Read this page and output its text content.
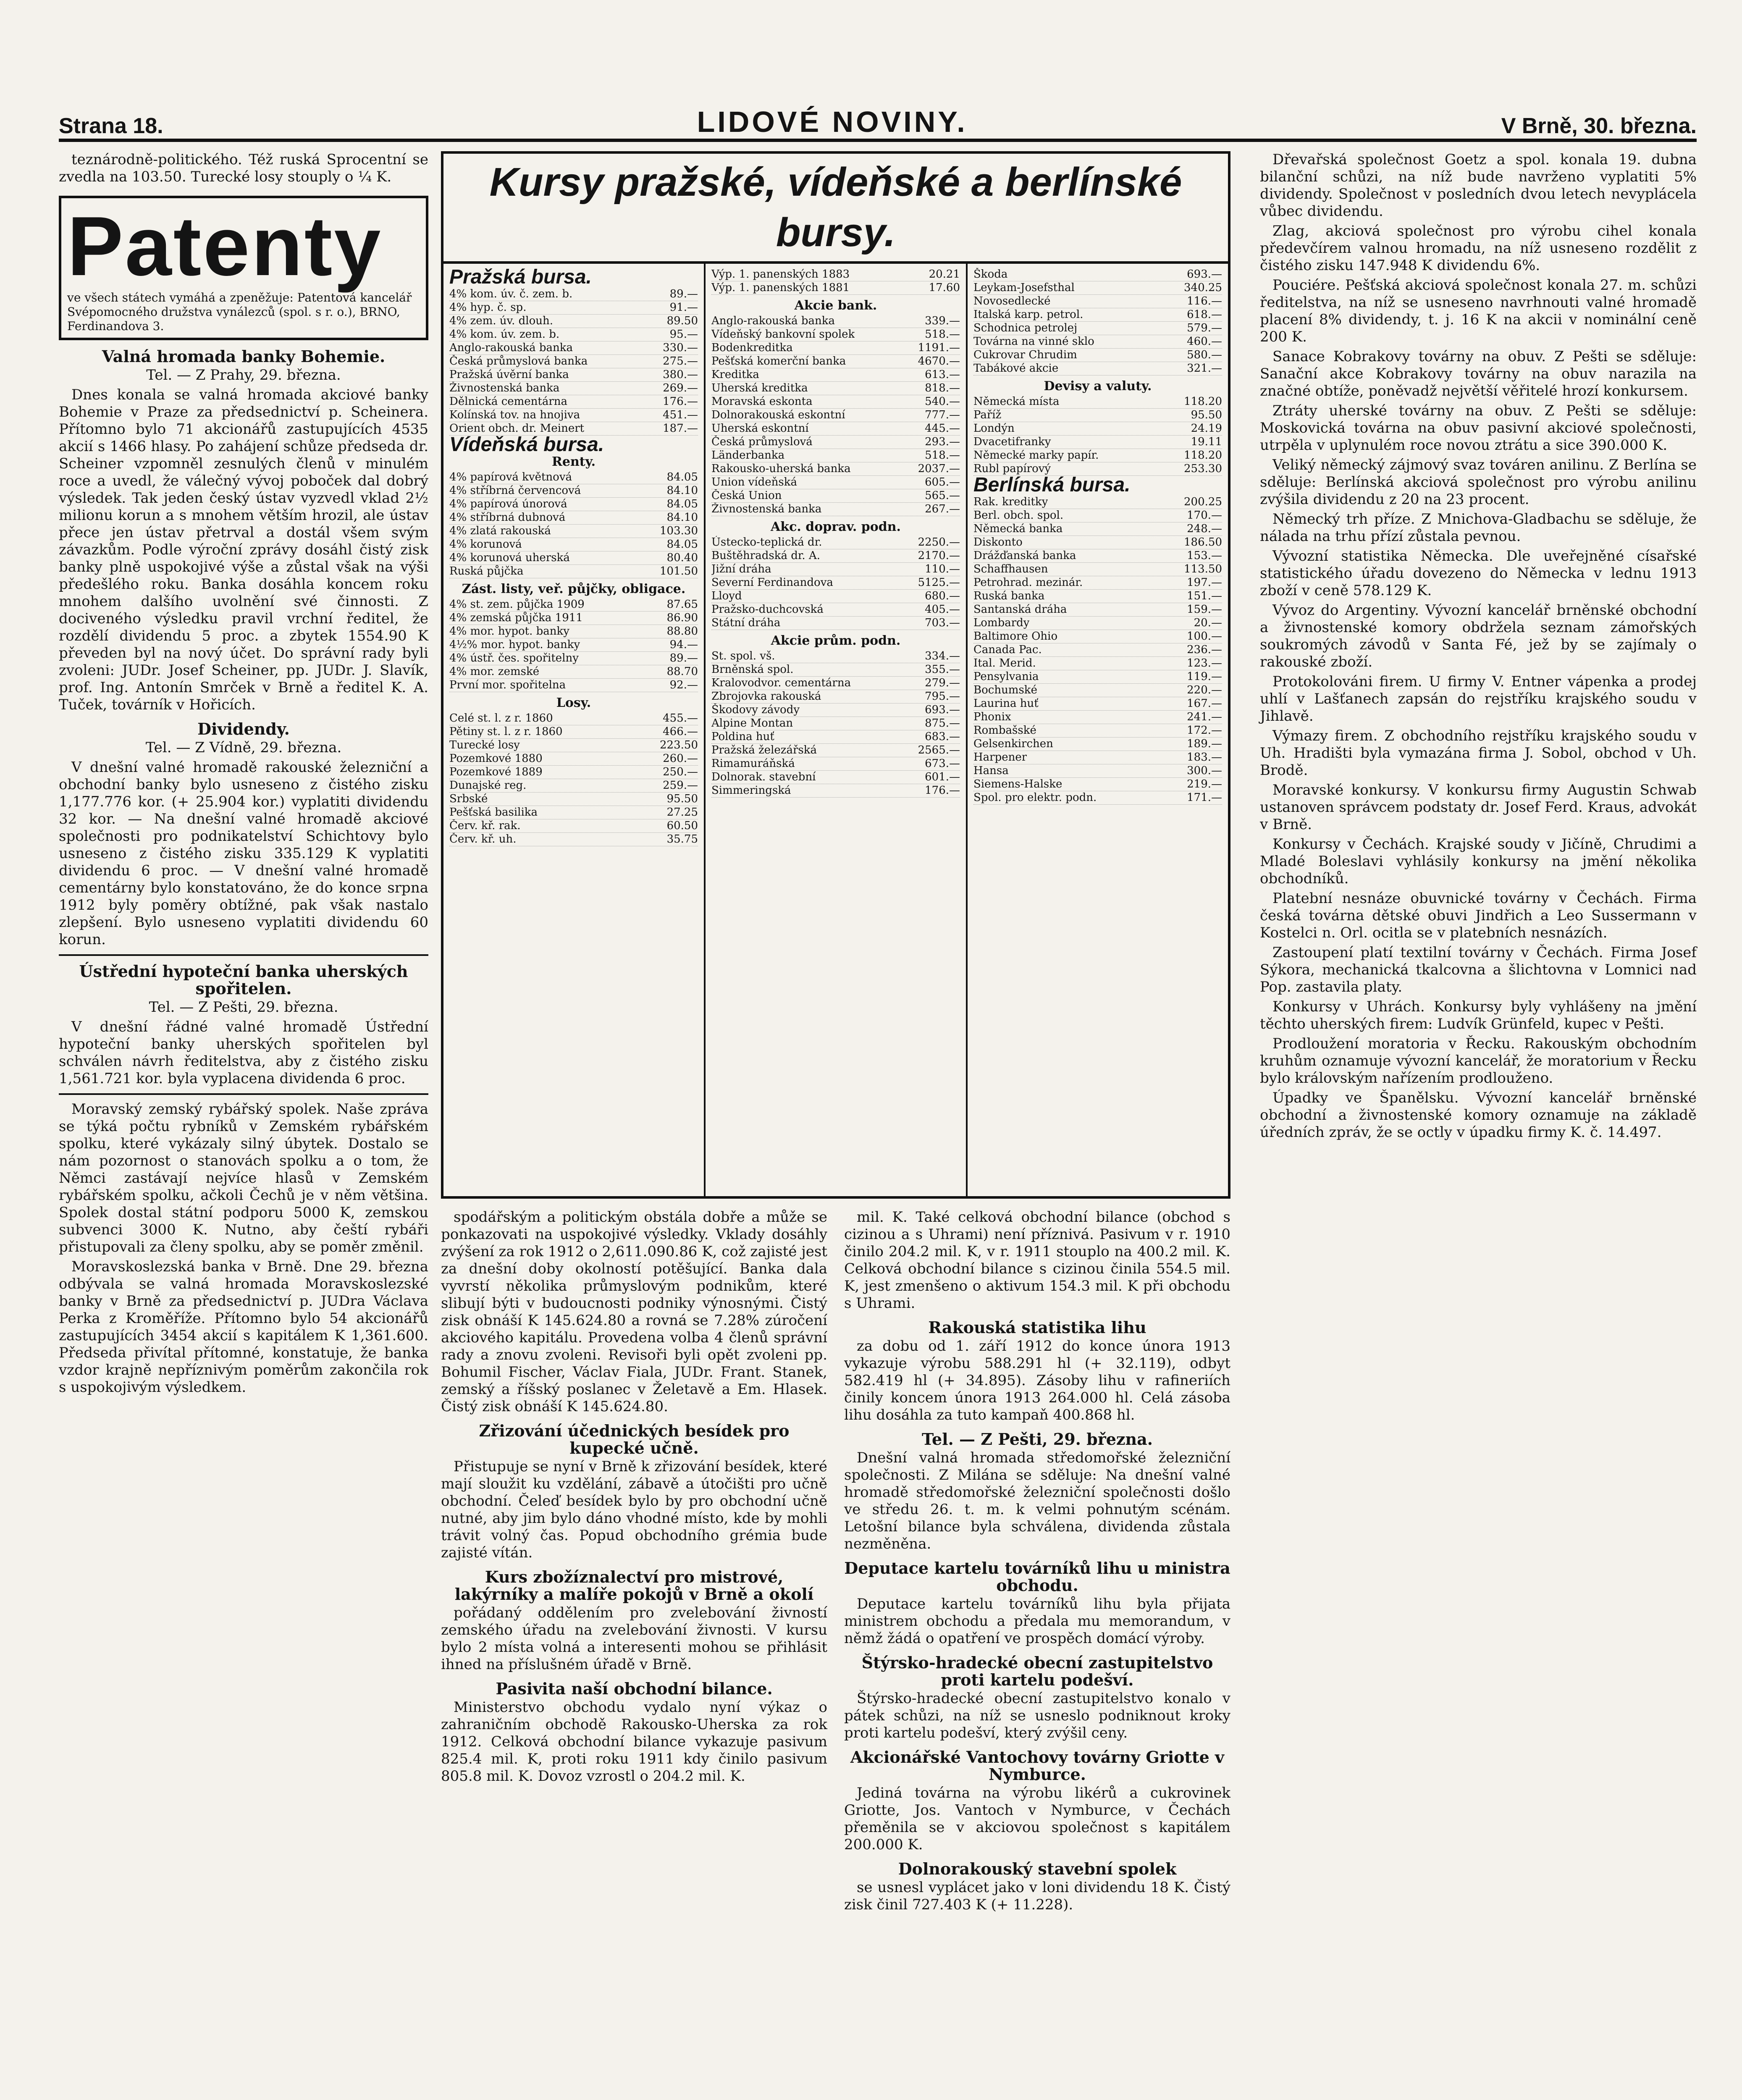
Strana 18.	LIDOVÉ NOVINY.	V Brně, 30. března.

teznárodně-politického. Též ruská Sprocentní se zvedla na 103.50. Turecké losy stouply o ¼ K.

Patenty
ve všech státech vymáhá a zpeněžuje: Patentová kancelář Svépomocného družstva vynálezců (spol. s r. o.), BRNO, Ferdinandova 3.
Valná hromada banky Bohemie.
Tel. — Z Prahy, 29. března.

Dnes konala se valná hromada akciové banky Bohemie v Praze za předsednictví p. Scheinera. Přítomno bylo 71 akcionářů zastupujících 4535 akcií s 1466 hlasy. Po zahájení schůze předseda dr. Scheiner vzpomněl zesnulých členů v minulém roce a uvedl, že válečný vývoj poboček dal dobrý výsledek. Tak jeden český ústav vyzvedl vklad 2½ milionu korun a s mnohem větším hrozil, ale ústav přece jen ústav přetrval a dostál všem svým závazkům. Podle výroční zprávy dosáhl čistý zisk banky plně uspokojivé výše a zůstal však na výši předešlého roku. Banka dosáhla koncem roku mnohem dalšího uvolnění své činnosti. Z dociveného výsledku pravil vrchní ředitel, že rozdělí dividendu 5 proc. a zbytek 1554.90 K převeden byl na nový účet. Do správní rady byli zvoleni: JUDr. Josef Scheiner, pp. JUDr. J. Slavík, prof. Ing. Antonín Smrček v Brně a ředitel K. A. Tuček, továrník v Hořicích.

Dividendy.
Tel. — Z Vídně, 29. března.

V dnešní valné hromadě rakouské železniční a obchodní banky bylo usneseno z čistého zisku 1,177.776 kor. (+ 25.904 kor.) vyplatiti dividendu 32 kor. — Na dnešní valné hromadě akciové společnosti pro podnikatelství Schichtovy bylo usneseno z čistého zisku 335.129 K vyplatiti dividendu 6 proc. — V dnešní valné hromadě cementárny bylo konstatováno, že do konce srpna 1912 byly poměry obtížné, pak však nastalo zlepšení. Bylo usneseno vyplatiti dividendu 60 korun.

Ústřední hypoteční banka uherských spořitelen.
Tel. — Z Pešti, 29. března.

V dnešní řádné valné hromadě Ústřední hypoteční banky uherských spořitelen byl schválen návrh ředitelstva, aby z čistého zisku 1,561.721 kor. byla vyplacena dividenda 6 proc.

Moravský zemský rybářský spolek. Naše zpráva se týká počtu rybníků v Zemském rybářském spolku, které vykázaly silný úbytek. Dostalo se nám pozornost o stanovách spolku a o tom, že Němci zastávají nejvíce hlasů v Zemském rybářském spolku, ačkoli Čechů je v něm většina. Spolek dostal státní podporu 5000 K, zemskou subvenci 3000 K. Nutno, aby čeští rybáři přistupovali za členy spolku, aby se poměr změnil.

Moravskoslezská banka v Brně. Dne 29. března odbývala se valná hromada Moravskoslezské banky v Brně za předsednictví p. JUDra Václava Perka z Kroměříže. Přítomno bylo 54 akcionářů zastupujících 3454 akcií s kapitálem K 1,361.600. Předseda přivítal přítomné, konstatuje, že banka vzdor krajně nepříznivým poměrům zakončila rok s uspokojivým výsledkem.

Kursy pražské, vídeňské a berlínské bursy.
Pražská bursa.
4% kom. úv. č. zem. b.	89.—
4% hyp. č. sp.	91.—
4% zem. úv. dlouh.	89.50
4% kom. úv. zem. b.	95.—
Anglo-rakouská banka	330.—
Česká průmyslová banka	275.—
Pražská úvěrní banka	380.—
Živnostenská banka	269.—
Dělnická cementárna	176.—
Kolínská tov. na hnojiva	451.—
Orient obch. dr. Meinert	187.—
Vídeňská bursa.
Renty.
4% papírová květnová	84.05
4% stříbrná červencová	84.10
4% papírová únorová	84.05
4% stříbrná dubnová	84.10
4% zlatá rakouská	103.30
4% korunová	84.05
4% korunová uherská	80.40
Ruská půjčka	101.50
Zást. listy, veř. půjčky, obligace.
4% st. zem. půjčka 1909	87.65
4% zemská půjčka 1911	86.90
4% mor. hypot. banky	88.80
4½% mor. hypot. banky	94.—
4% ústř. čes. spořitelny	89.—
4% mor. zemské	88.70
První mor. spořitelna	92.—
Losy.
Celé st. l. z r. 1860	455.—
Pětiny st. l. z r. 1860	466.—
Turecké losy	223.50
Pozemkové 1880	260.—
Pozemkové 1889	250.—
Dunajské reg.	259.—
Srbské	95.50
Pešťská basilika	27.25
Červ. kř. rak.	60.50
Červ. kř. uh.	35.75
Výp. 1. panenských 1883	20.21
Výp. 1. panenských 1881	17.60
Akcie bank.
Anglo-rakouská banka	339.—
Vídeňský bankovní spolek	518.—
Bodenkreditka	1191.—
Pešťská komerční banka	4670.—
Kreditka	613.—
Uherská kreditka	818.—
Moravská eskonta	540.—
Dolnorakouská eskontní	777.—
Uherská eskontní	445.—
Česká průmyslová	293.—
Länderbanka	518.—
Rakousko-uherská banka	2037.—
Union vídeňská	605.—
Česká Union	565.—
Živnostenská banka	267.—
Akc. doprav. podn.
Ústecko-teplická dr.	2250.—
Buštěhradská dr. A.	2170.—
Jižní dráha	110.—
Severní Ferdinandova	5125.—
Lloyd	680.—
Pražsko-duchcovská	405.—
Státní dráha	703.—
Akcie prům. podn.
St. spol. vš.	334.—
Brněnská spol.	355.—
Kralovodvor. cementárna	279.—
Zbrojovka rakouská	795.—
Škodovy závody	693.—
Alpine Montan	875.—
Poldina huť	683.—
Pražská železářská	2565.—
Rimamuráňská	673.—
Dolnorak. stavební	601.—
Simmeringská	176.—
Škoda	693.—
Leykam-Josefsthal	340.25
Novosedlecké	116.—
Italská karp. petrol.	618.—
Schodnica petrolej	579.—
Továrna na vinné sklo	460.—
Cukrovar Chrudim	580.—
Tabákové akcie	321.—
Devisy a valuty.
Německá místa	118.20
Paříž	95.50
Londýn	24.19
Dvacetifranky	19.11
Německé marky papír.	118.20
Rubl papírový	253.30
Berlínská bursa.
Rak. kreditky	200.25
Berl. obch. spol.	170.—
Německá banka	248.—
Diskonto	186.50
Drážďanská banka	153.—
Schaffhausen	113.50
Petrohrad. mezinár.	197.—
Ruská banka	151.—
Santanská dráha	159.—
Lombardy	20.—
Baltimore Ohio	100.—
Canada Pac.	236.—
Ital. Merid.	123.—
Pensylvania	119.—
Bochumské	220.—
Laurina huť	167.—
Phonix	241.—
Rombašské	172.—
Gelsenkirchen	189.—
Harpener	183.—
Hansa	300.—
Siemens-Halske	219.—
Spol. pro elektr. podn.	171.—

spodářským a politickým obstála dobře a může se ponkazovati na uspokojivé výsledky. Vklady dosáhly zvýšení za rok 1912 o 2,611.090.86 K, což zajisté jest za dnešní doby okolností potěšující. Banka dala vyvrstí několika průmyslovým podnikům, které slibují býti v budoucnosti podniky výnosnými. Čistý zisk obnáší K 145.624.80 a rovná se 7.28% zúročení akciového kapitálu. Provedena volba 4 členů správní rady a znovu zvoleni. Revisoři byli opět zvoleni pp. Bohumil Fischer, Václav Fiala, JUDr. Frant. Stanek, zemský a říšský poslanec v Želetavě a Em. Hlasek. Čistý zisk obnáší K 145.624.80.

Zřizování účednických besídek pro kupecké učně.

Přistupuje se nyní v Brně k zřizování besídek, které mají sloužit ku vzdělání, zábavě a útočišti pro učně obchodní. Čeleď besídek bylo by pro obchodní učně nutné, aby jim bylo dáno vhodné místo, kde by mohli trávit volný čas. Popud obchodního grémia bude zajisté vítán.

Kurs zbožíznalectví pro mistrové, lakýrníky a malíře pokojů v Brně a okolí

pořádaný oddělením pro zvelebování živností zemského úřadu na zvelebování živnosti. V kursu bylo 2 místa volná a interesenti mohou se přihlásit ihned na příslušném úřadě v Brně.

Pasivita naší obchodní bilance.

Ministerstvo obchodu vydalo nyní výkaz o zahraničním obchodě Rakousko-Uherska za rok 1912. Celková obchodní bilance vykazuje pasivum 825.4 mil. K, proti roku 1911 kdy činilo pasivum 805.8 mil. K. Dovoz vzrostl o 204.2 mil. K.

mil. K. Také celková obchodní bilance (obchod s cizinou a s Uhrami) není příznivá. Pasivum v r. 1910 činilo 204.2 mil. K, v r. 1911 stouplo na 400.2 mil. K. Celková obchodní bilance s cizinou činila 554.5 mil. K, jest zmenšeno o aktivum 154.3 mil. K při obchodu s Uhrami.

Rakouská statistika lihu

za dobu od 1. září 1912 do konce února 1913 vykazuje výrobu 588.291 hl (+ 32.119), odbyt 582.419 hl (+ 34.895). Zásoby lihu v rafineriích činily koncem února 1913 264.000 hl. Celá zásoba lihu dosáhla za tuto kampaň 400.868 hl.

Tel. — Z Pešti, 29. března.

Dnešní valná hromada středomořské železniční společnosti. Z Milána se sděluje: Na dnešní valné hromadě středomořské železniční společnosti došlo ve středu 26. t. m. k velmi pohnutým scénám. Letošní bilance byla schválena, dividenda zůstala nezměněna.

Deputace kartelu továrníků lihu u ministra obchodu.

Deputace kartelu továrníků lihu byla přijata ministrem obchodu a předala mu memorandum, v němž žádá o opatření ve prospěch domácí výroby.

Štýrsko-hradecké obecní zastupitelstvo proti kartelu podešví.

Štýrsko-hradecké obecní zastupitelstvo konalo v pátek schůzi, na níž se usneslo podniknout kroky proti kartelu podešví, který zvýšil ceny.

Akcionářské Vantochovy továrny Griotte v Nymburce.

Jediná továrna na výrobu likérů a cukrovinek Griotte, Jos. Vantoch v Nymburce, v Čechách přeměnila se v akciovou společnost s kapitálem 200.000 K.

Dolnorakouský stavební spolek

se usnesl vyplácet jako v loni dividendu 18 K. Čistý zisk činil 727.403 K (+ 11.228).

Dřevařská společnost Goetz a spol. konala 19. dubna bilanční schůzi, na níž bude navrženo vyplatiti 5% dividendy. Společnost v posledních dvou letech nevyplácela vůbec dividendu.

Zlag, akciová společnost pro výrobu cihel konala předevčírem valnou hromadu, na níž usneseno rozdělit z čistého zisku 147.948 K dividendu 6%.

Pouciére. Pešťská akciová společnost konala 27. m. schůzi ředitelstva, na níž se usneseno navrhnouti valné hromadě placení 8% dividendy, t. j. 16 K na akcii v nominální ceně 200 K.

Sanace Kobrakovy továrny na obuv. Z Pešti se sděluje: Sanační akce Kobrakovy továrny na obuv narazila na značné obtíže, poněvadž největší věřitelé hrozí konkursem.

Ztráty uherské továrny na obuv. Z Pešti se sděluje: Moskovická továrna na obuv pasivní akciové společnosti, utrpěla v uplynulém roce novou ztrátu a sice 390.000 K.

Veliký německý zájmový svaz továren anilinu. Z Berlína se sděluje: Berlínská akciová společnost pro výrobu anilinu zvýšila dividendu z 20 na 23 procent.

Německý trh příze. Z Mnichova-Gladbachu se sděluje, že nálada na trhu přízí zůstala pevnou.

Vývozní statistika Německa. Dle uveřejněné císařské statistického úřadu dovezeno do Německa v lednu 1913 zboží v ceně 578.129 K.

Vývoz do Argentiny. Vývozní kancelář brněnské obchodní a živnostenské komory obdržela seznam zámořských soukromých závodů v Santa Fé, jež by se zajímaly o rakouské zboží.

Protokolováni firem. U firmy V. Entner vápenka a prodej uhlí v Lašťanech zapsán do rejstříku krajského soudu v Jihlavě.

Výmazy firem. Z obchodního rejstříku krajského soudu v Uh. Hradišti byla vymazána firma J. Sobol, obchod v Uh. Brodě.

Moravské konkursy. V konkursu firmy Augustin Schwab ustanoven správcem podstaty dr. Josef Ferd. Kraus, advokát v Brně.

Konkursy v Čechách. Krajské soudy v Jičíně, Chrudimi a Mladé Boleslavi vyhlásily konkursy na jmění několika obchodníků.

Platební nesnáze obuvnické továrny v Čechách. Firma česká továrna dětské obuvi Jindřich a Leo Sussermann v Kostelci n. Orl. ocitla se v platebních nesnázích.

Zastoupení platí textilní továrny v Čechách. Firma Josef Sýkora, mechanická tkalcovna a šlichtovna v Lomnici nad Pop. zastavila platy.

Konkursy v Uhrách. Konkursy byly vyhlášeny na jmění těchto uherských firem: Ludvík Grünfeld, kupec v Pešti.

Prodloužení moratoria v Řecku. Rakouským obchodním kruhům oznamuje vývozní kancelář, že moratorium v Řecku bylo královským nařízením prodlouženo.

Úpadky ve Španělsku. Vývozní kancelář brněnské obchodní a živnostenské komory oznamuje na základě úředních zpráv, že se octly v úpadku firmy K. č. 14.497.
